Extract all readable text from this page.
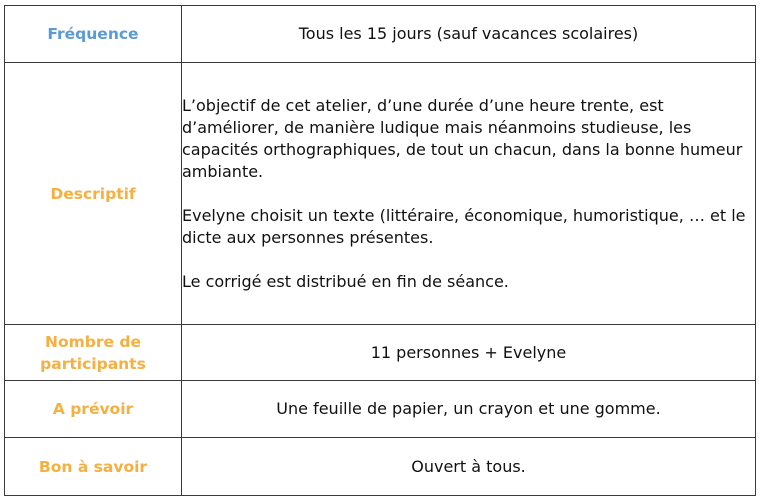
Fréquence	Tous les 15 jours (sauf vacances scolaires)
Descriptif	L’objectif de cet atelier, d’une durée d’une heure trente, est d’améliorer, de manière ludique mais néanmoins studieuse, les capacités orthographiques, de tout un chacun, dans la bonne humeur ambiante.

Evelyne choisit un texte (littéraire, économique, humoristique, … et le dicte aux personnes présentes.

Le corrigé est distribué en fin de séance.

Nombre de
participants	11 personnes + Evelyne
A prévoir	Une feuille de papier, un crayon et une gomme.
Bon à savoir	Ouvert à tous.
